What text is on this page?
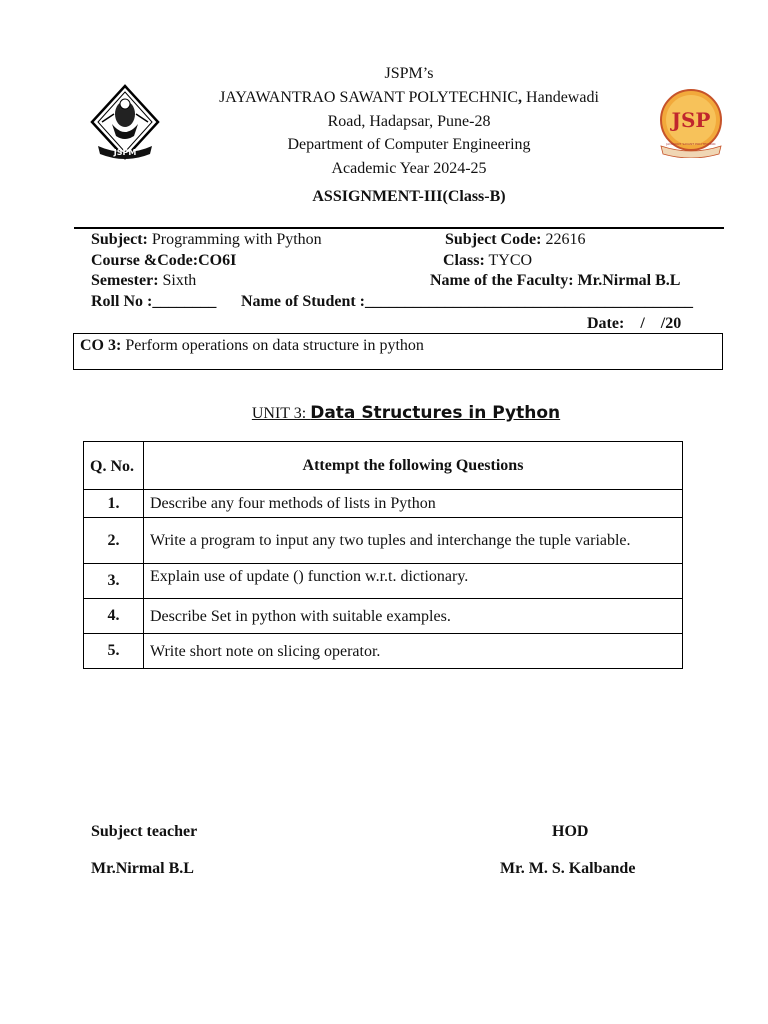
JSPM
JSP
JAYAWANT SAVANT POLYTECHNIC
JSPM’s
JAYAWANTRAO SAWANT POLYTECHNIC, Handewadi
Road, Hadapsar, Pune-28
Department of Computer Engineering
Academic Year 2024-25
ASSIGNMENT-III(Class-B)
Subject: Programming with Python	Subject Code: 22616
Course &Code:CO6I	Class: TYCO
Semester: Sixth	Name of the Faculty: Mr.Nirmal B.L
Roll No :________ Name of Student :_________________________________________
Date:    /    /20
CO 3: Perform operations on data structure in python
UNIT 3: Data Structures in Python
Q. No.	Attempt the following Questions
1.	Describe any four methods of lists in Python

2.	Write a program to input any two tuples and interchange the tuple variable.

3.	Explain use of update () function w.r.t. dictionary.

4.	Describe Set in python with suitable examples.

5.	Write short note on slicing operator.
Subject teacher
Mr.Nirmal B.L
HOD
Mr. M. S. Kalbande
